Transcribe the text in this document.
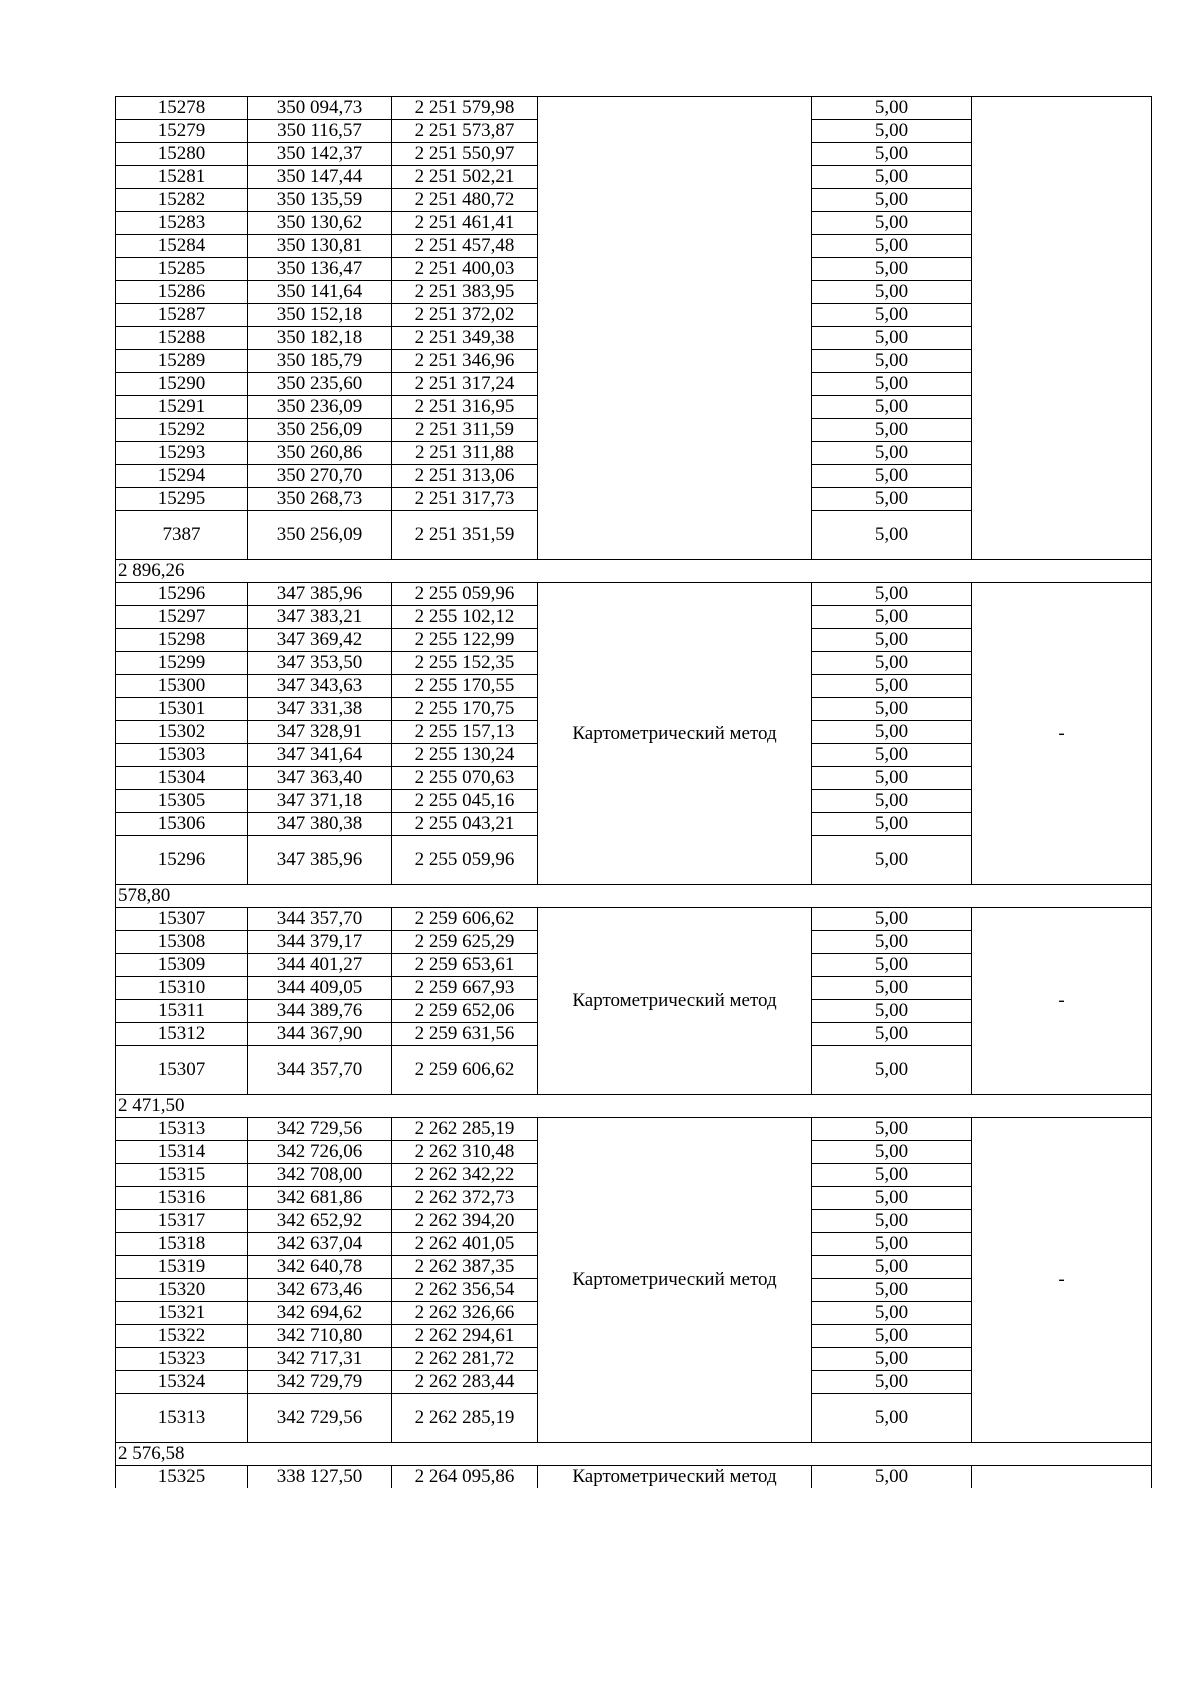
15278	350 094,73	2 251 579,98		5,00	
15279	350 116,57	2 251 573,87		5,00	
15280	350 142,37	2 251 550,97		5,00	
15281	350 147,44	2 251 502,21		5,00	
15282	350 135,59	2 251 480,72		5,00	
15283	350 130,62	2 251 461,41		5,00	
15284	350 130,81	2 251 457,48		5,00	
15285	350 136,47	2 251 400,03		5,00	
15286	350 141,64	2 251 383,95		5,00	
15287	350 152,18	2 251 372,02		5,00	
15288	350 182,18	2 251 349,38		5,00	
15289	350 185,79	2 251 346,96		5,00	
15290	350 235,60	2 251 317,24		5,00	
15291	350 236,09	2 251 316,95		5,00	
15292	350 256,09	2 251 311,59		5,00	
15293	350 260,86	2 251 311,88		5,00	
15294	350 270,70	2 251 313,06		5,00	
15295	350 268,73	2 251 317,73		5,00	
7387	350 256,09	2 251 351,59		5,00	
2 896,26					
15296	347 385,96	2 255 059,96	Картометрический метод	5,00	-
15297	347 383,21	2 255 102,12		5,00	
15298	347 369,42	2 255 122,99		5,00	
15299	347 353,50	2 255 152,35		5,00	
15300	347 343,63	2 255 170,55		5,00	
15301	347 331,38	2 255 170,75		5,00	
15302	347 328,91	2 255 157,13		5,00	
15303	347 341,64	2 255 130,24		5,00	
15304	347 363,40	2 255 070,63		5,00	
15305	347 371,18	2 255 045,16		5,00	
15306	347 380,38	2 255 043,21		5,00	
15296	347 385,96	2 255 059,96		5,00	
578,80					
15307	344 357,70	2 259 606,62	Картометрический метод	5,00	-
15308	344 379,17	2 259 625,29		5,00	
15309	344 401,27	2 259 653,61		5,00	
15310	344 409,05	2 259 667,93		5,00	
15311	344 389,76	2 259 652,06		5,00	
15312	344 367,90	2 259 631,56		5,00	
15307	344 357,70	2 259 606,62		5,00	
2 471,50					
15313	342 729,56	2 262 285,19	Картометрический метод	5,00	-
15314	342 726,06	2 262 310,48		5,00	
15315	342 708,00	2 262 342,22		5,00	
15316	342 681,86	2 262 372,73		5,00	
15317	342 652,92	2 262 394,20		5,00	
15318	342 637,04	2 262 401,05		5,00	
15319	342 640,78	2 262 387,35		5,00	
15320	342 673,46	2 262 356,54		5,00	
15321	342 694,62	2 262 326,66		5,00	
15322	342 710,80	2 262 294,61		5,00	
15323	342 717,31	2 262 281,72		5,00	
15324	342 729,79	2 262 283,44		5,00	
15313	342 729,56	2 262 285,19		5,00	
2 576,58					
15325	338 127,50	2 264 095,86	Картометрический метод	5,00	
